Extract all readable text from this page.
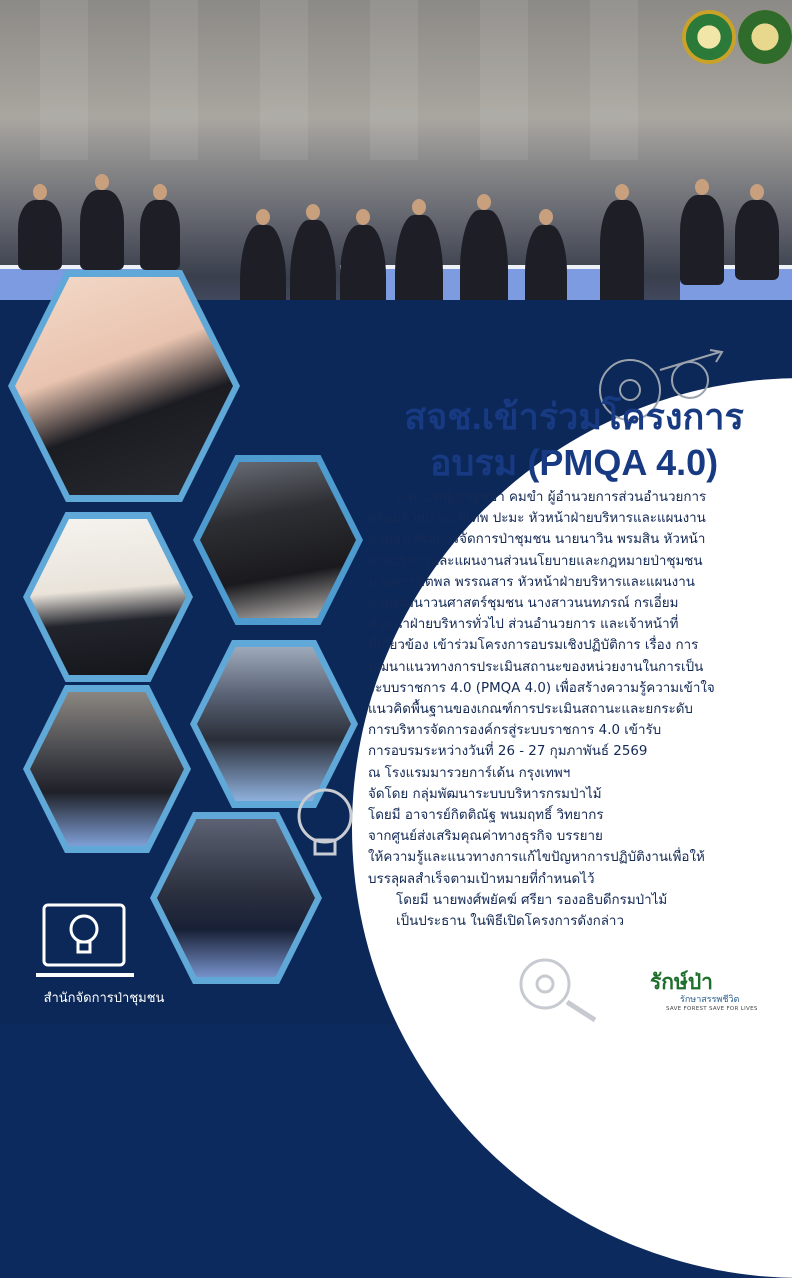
สจช.เข้าร่วมโครงการ
อบรม (PMQA 4.0)

ส.ต.อ.หญิงณัฐชยา คมขำ ผู้อำนวยการส่วนอำนวยการ

พร้อมด้วยนายอดิเทพ ปะมะ หัวหน้าฝ่ายบริหารและแผนงาน

ส่วนส่งเสริมการจัดการป่าชุมชน นายนาวิน พรมสิน หัวหน้า

ฝ่ายบริหารและแผนงานส่วนนโยบายและกฎหมายป่าชุมชน

นายครรชิตพล พรรณสาร หัวหน้าฝ่ายบริหารและแผนงาน

ส่วนพัฒนาวนศาสตร์ชุมชน นางสาวนนทภรณ์ กรเอี่ยม

หัวหน้าฝ่ายบริหารทั่วไป ส่วนอำนวยการ และเจ้าหน้าที่

ที่เกี่ยวข้อง เข้าร่วมโครงการอบรมเชิงปฏิบัติการ เรื่อง การ

พัฒนาแนวทางการประเมินสถานะของหน่วยงานในการเป็น

ระบบราชการ 4.0 (PMQA 4.0) เพื่อสร้างความรู้ความเข้าใจ

แนวคิดพื้นฐานของเกณฑ์การประเมินสถานะและยกระดับ

การบริหารจัดการองค์กรสู่ระบบราชการ 4.0 เข้ารับ

การอบรมระหว่างวันที่ 26 - 27 กุมภาพันธ์ 2569

ณ โรงแรมมารวยการ์เด้น กรุงเทพฯ

จัดโดย กลุ่มพัฒนาระบบบริหารกรมป่าไม้

โดยมี อาจารย์กิตติณัฐ พนมฤทธิ์ วิทยากร

จากศูนย์ส่งเสริมคุณค่าทางธุรกิจ บรรยาย

ให้ความรู้และแนวทางการแก้ไขปัญหาการปฏิบัติงานเพื่อให้

บรรลุผลสำเร็จตามเป้าหมายที่กำหนดไว้

โดยมี นายพงศ์พยัคฆ์ ศรียา รองอธิบดีกรมป่าไม้

เป็นประธาน ในพิธีเปิดโครงการดังกล่าว

สำนักจัดการป่าชุมชน
รักษ์ป่า
รักษาสรรพชีวิต
SAVE FOREST SAVE FOR LIVES
